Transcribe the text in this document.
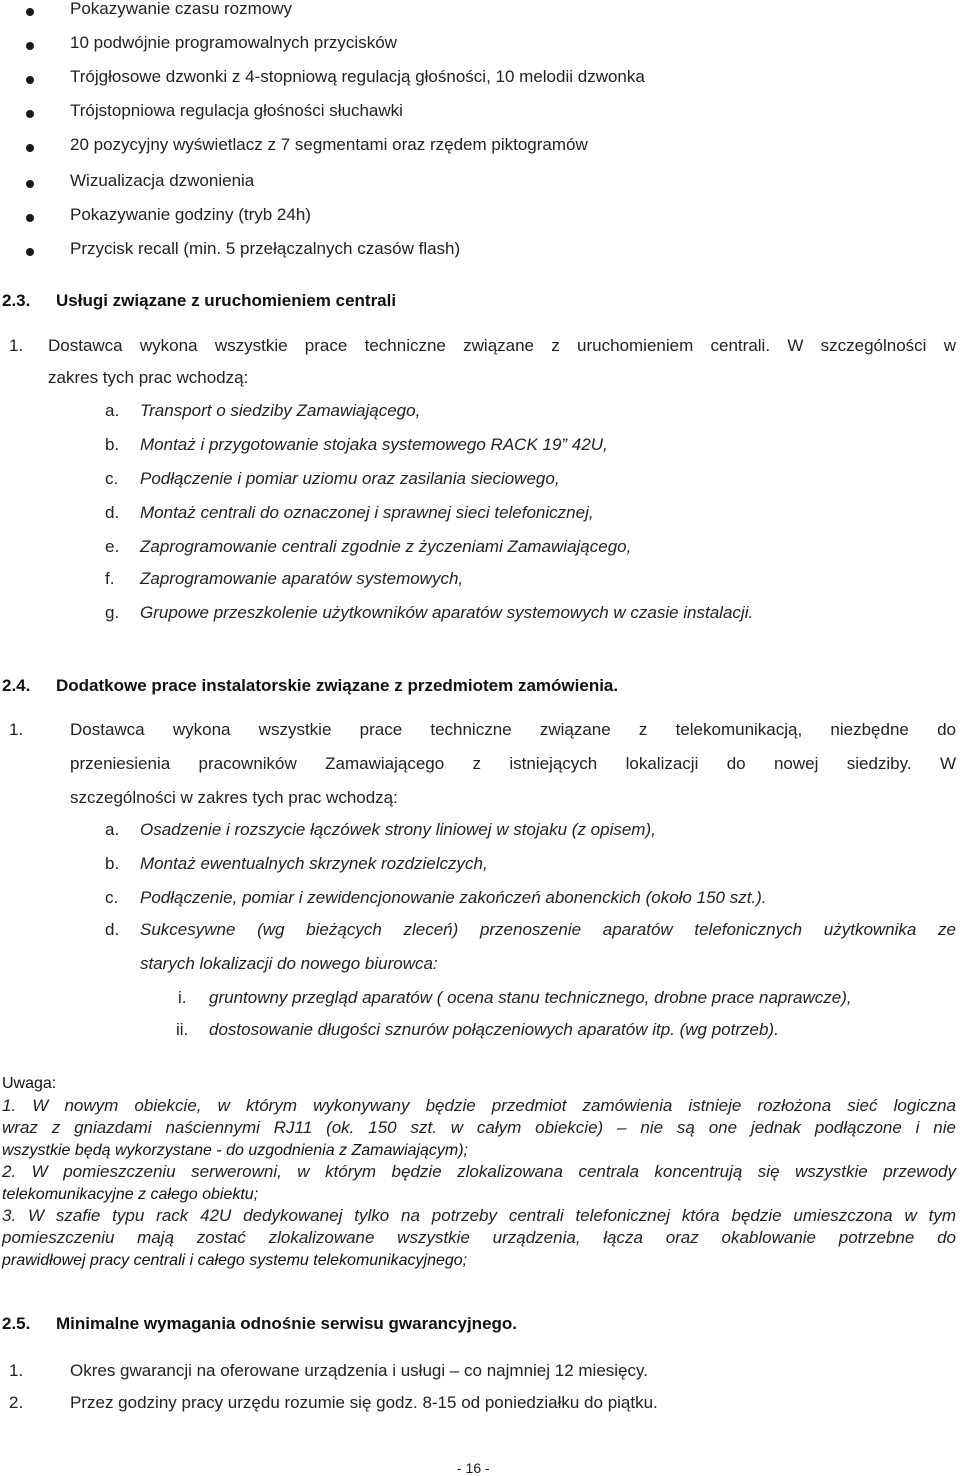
Pokazywanie czasu rozmowy
10 podwójnie programowalnych przycisków
Trójgłosowe dzwonki z 4-stopniową regulacją głośności, 10 melodii dzwonka
Trójstopniowa regulacja głośności słuchawki
20 pozycyjny wyświetlacz z 7 segmentami oraz rzędem piktogramów
Wizualizacja dzwonienia
Pokazywanie godziny (tryb 24h)
Przycisk recall (min. 5 przełączalnych czasów flash)
2.3. Usługi związane z uruchomieniem centrali
1. Dostawca wykona wszystkie prace techniczne związane z uruchomieniem centrali. W szczególności w
zakres tych prac wchodzą:
a. Transport o siedziby Zamawiającego,
b. Montaż i przygotowanie stojaka systemowego RACK 19” 42U,
c. Podłączenie i pomiar uziomu oraz zasilania sieciowego,
d. Montaż centrali do oznaczonej i sprawnej sieci telefonicznej,
e. Zaprogramowanie centrali zgodnie z życzeniami Zamawiającego,
f. Zaprogramowanie aparatów systemowych,
g. Grupowe przeszkolenie użytkowników aparatów systemowych w czasie instalacji.
2.4. Dodatkowe prace instalatorskie związane z przedmiotem zamówienia.
1.	Dostawca wykona wszystkie prace techniczne związane z telekomunikacją, niezbędne do
przeniesienia pracowników Zamawiającego z istniejących lokalizacji do nowej siedziby. W
szczególności w zakres tych prac wchodzą:
a. Osadzenie i rozszycie łączówek strony liniowej w stojaku (z opisem),
b. Montaż ewentualnych skrzynek rozdzielczych,
c. Podłączenie, pomiar i zewidencjonowanie zakończeń abonenckich (około 150 szt.).
d. Sukcesywne (wg bieżących zleceń) przenoszenie aparatów telefonicznych użytkownika ze
starych lokalizacji do nowego biurowca:
i. gruntowny przegląd aparatów ( ocena stanu technicznego, drobne prace naprawcze),
ii. dostosowanie długości sznurów połączeniowych aparatów itp. (wg potrzeb).
Uwaga:
1. W nowym obiekcie, w którym wykonywany będzie przedmiot zamówienia istnieje rozłożona sieć logiczna
wraz z gniazdami naściennymi RJ11 (ok. 150 szt. w całym obiekcie) – nie są one jednak podłączone i nie
wszystkie będą wykorzystane - do uzgodnienia z Zamawiającym);
2. W pomieszczeniu serwerowni, w którym będzie zlokalizowana centrala koncentrują się wszystkie przewody
telekomunikacyjne z całego obiektu;
3. W szafie typu rack 42U dedykowanej tylko na potrzeby centrali telefonicznej która będzie umieszczona w tym
pomieszczeniu mają zostać zlokalizowane wszystkie urządzenia, łącza oraz okablowanie potrzebne do
prawidłowej pracy centrali i całego systemu telekomunikacyjnego;
2.5. Minimalne wymagania odnośnie serwisu gwarancyjnego.
1.	Okres gwarancji na oferowane urządzenia i usługi – co najmniej 12 miesięcy.
2.	Przez godziny pracy urzędu rozumie się godz. 8-15 od poniedziałku do piątku.
- 16 -
